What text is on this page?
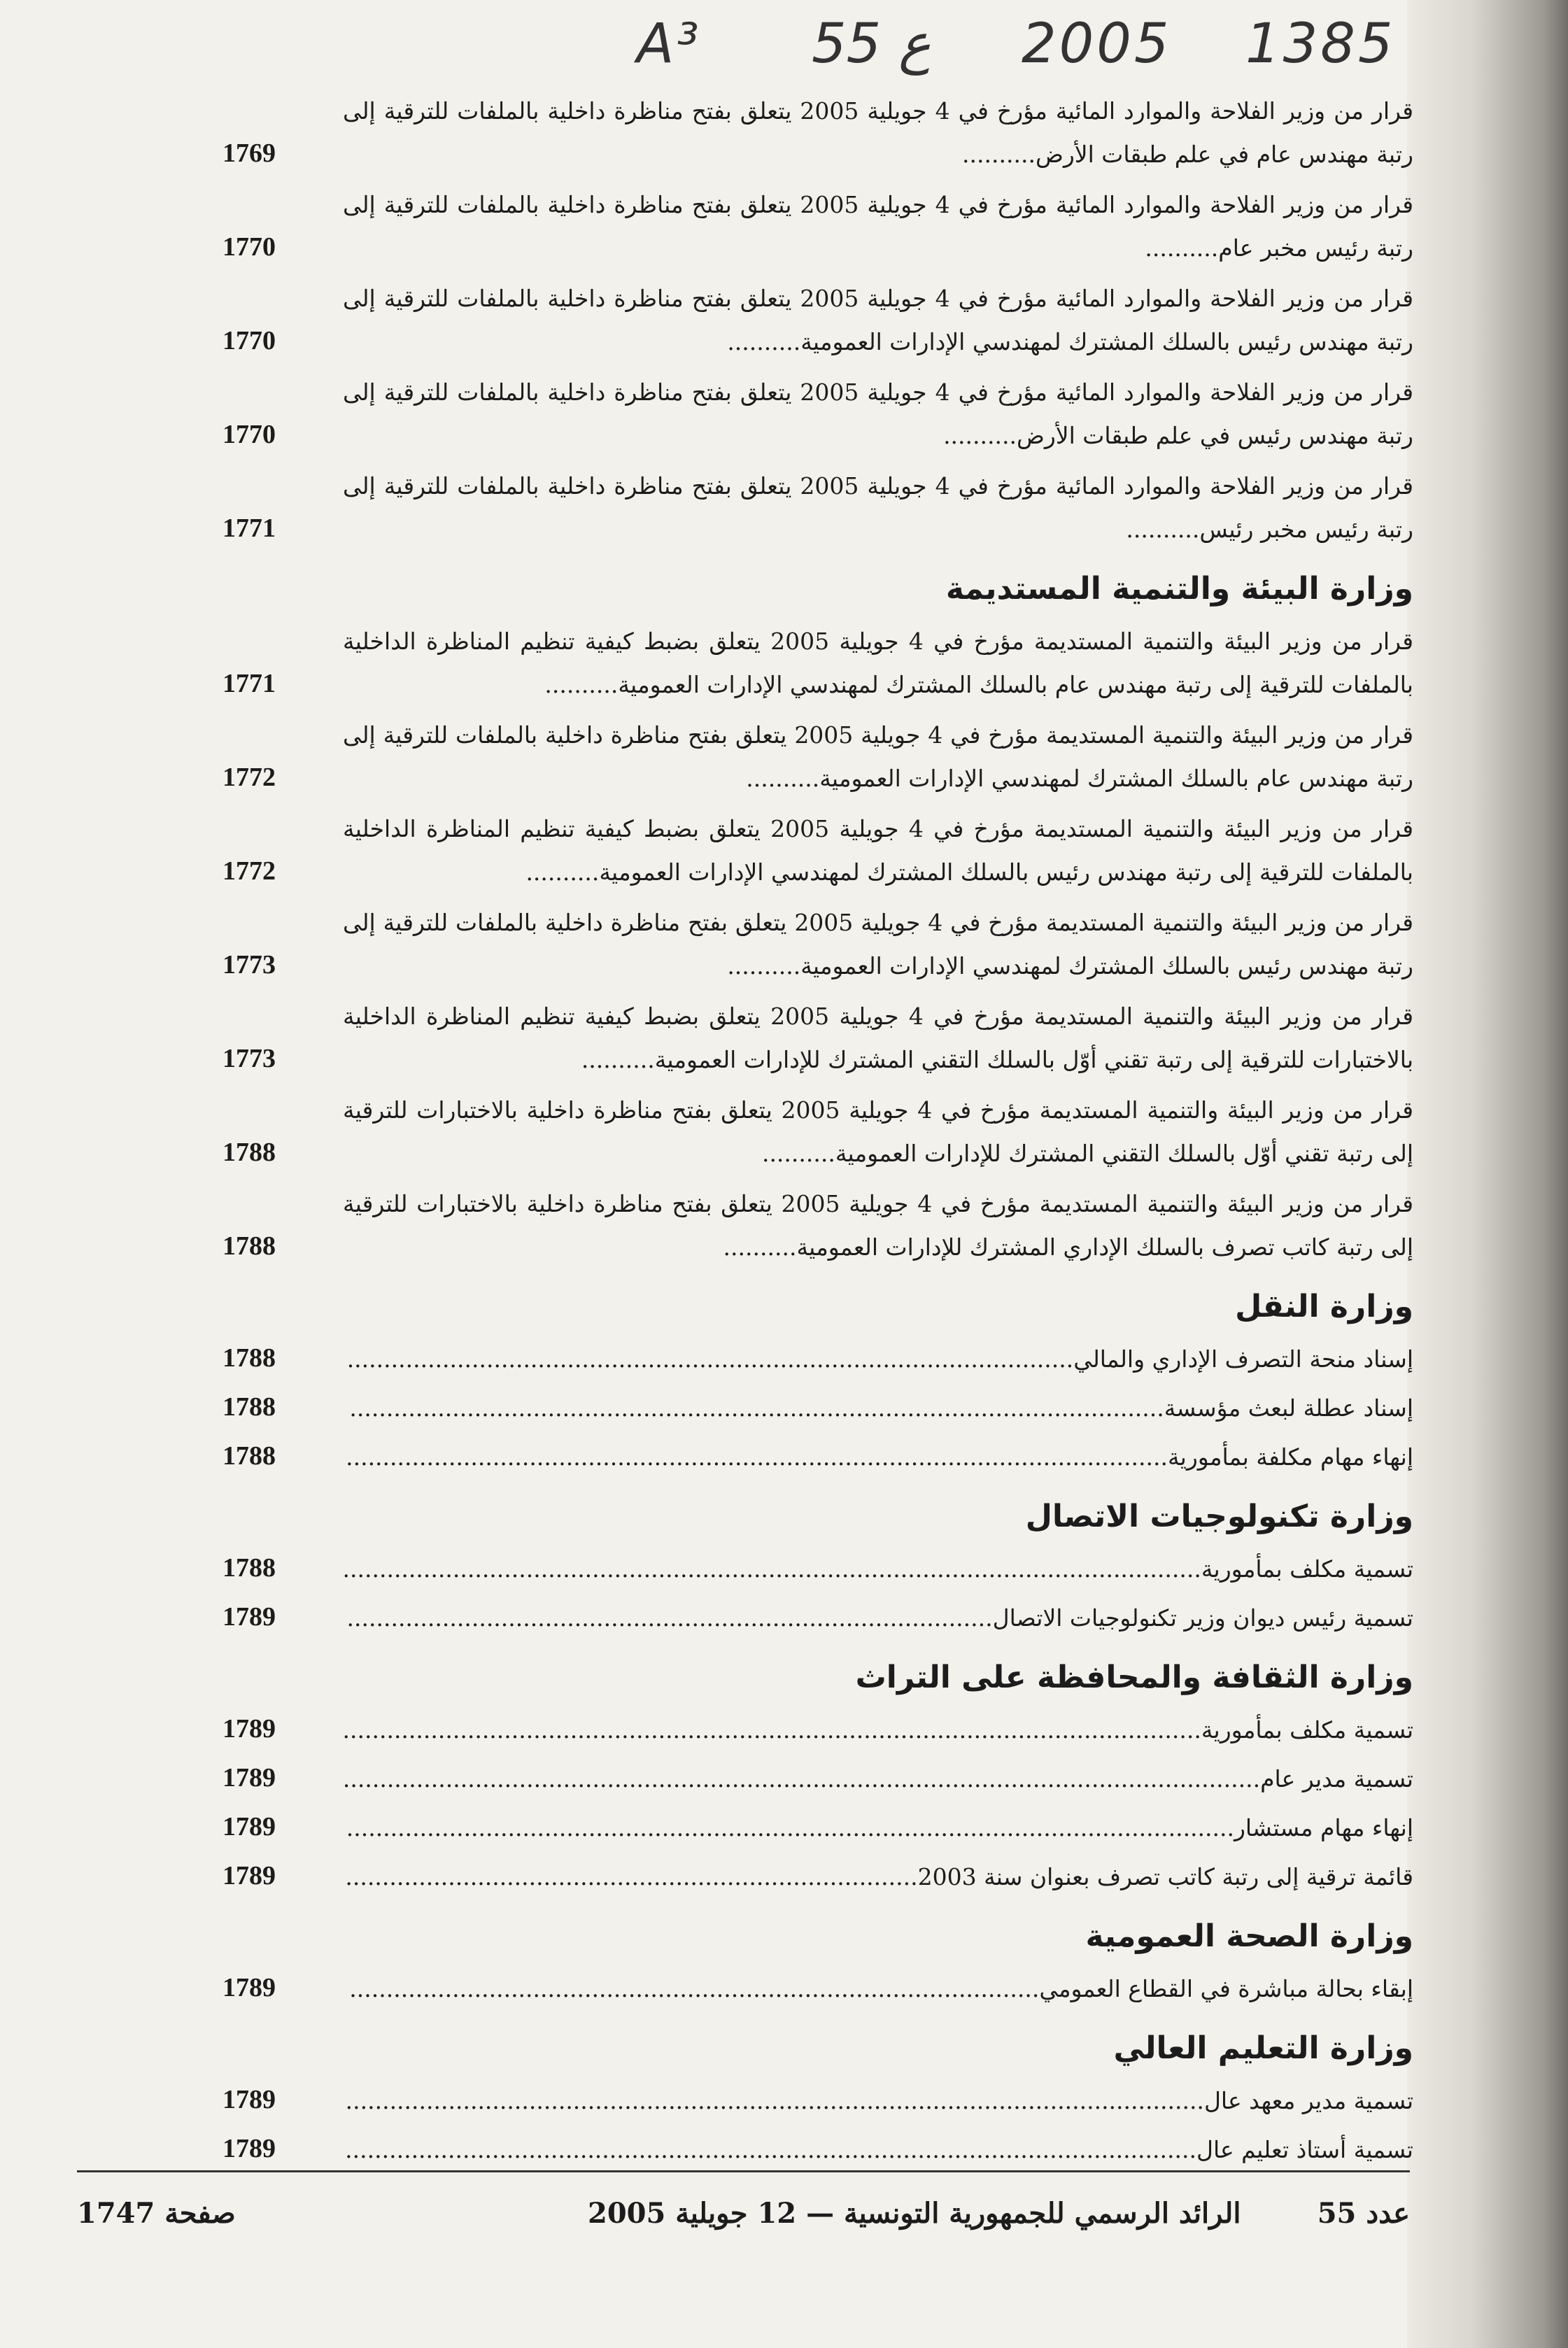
A³ 55 ع 2005 1385
قرار من وزير الفلاحة والموارد المائية مؤرخ في 4 جويلية 2005 يتعلق بفتح مناظرة داخلية بالملفات للترقية إلى رتبة مهندس عام في علم طبقات الأرض..........
1769
قرار من وزير الفلاحة والموارد المائية مؤرخ في 4 جويلية 2005 يتعلق بفتح مناظرة داخلية بالملفات للترقية إلى رتبة رئيس مخبر عام..........
1770
قرار من وزير الفلاحة والموارد المائية مؤرخ في 4 جويلية 2005 يتعلق بفتح مناظرة داخلية بالملفات للترقية إلى رتبة مهندس رئيس بالسلك المشترك لمهندسي الإدارات العمومية..........
1770
قرار من وزير الفلاحة والموارد المائية مؤرخ في 4 جويلية 2005 يتعلق بفتح مناظرة داخلية بالملفات للترقية إلى رتبة مهندس رئيس في علم طبقات الأرض..........
1770
قرار من وزير الفلاحة والموارد المائية مؤرخ في 4 جويلية 2005 يتعلق بفتح مناظرة داخلية بالملفات للترقية إلى رتبة رئيس مخبر رئيس..........
1771
وزارة البيئة والتنمية المستديمة
قرار من وزير البيئة والتنمية المستديمة مؤرخ في 4 جويلية 2005 يتعلق بضبط كيفية تنظيم المناظرة الداخلية بالملفات للترقية إلى رتبة مهندس عام بالسلك المشترك لمهندسي الإدارات العمومية..........
1771
قرار من وزير البيئة والتنمية المستديمة مؤرخ في 4 جويلية 2005 يتعلق بفتح مناظرة داخلية بالملفات للترقية إلى رتبة مهندس عام بالسلك المشترك لمهندسي الإدارات العمومية..........
1772
قرار من وزير البيئة والتنمية المستديمة مؤرخ في 4 جويلية 2005 يتعلق بضبط كيفية تنظيم المناظرة الداخلية بالملفات للترقية إلى رتبة مهندس رئيس بالسلك المشترك لمهندسي الإدارات العمومية..........
1772
قرار من وزير البيئة والتنمية المستديمة مؤرخ في 4 جويلية 2005 يتعلق بفتح مناظرة داخلية بالملفات للترقية إلى رتبة مهندس رئيس بالسلك المشترك لمهندسي الإدارات العمومية..........
1773
قرار من وزير البيئة والتنمية المستديمة مؤرخ في 4 جويلية 2005 يتعلق بضبط كيفية تنظيم المناظرة الداخلية بالاختبارات للترقية إلى رتبة تقني أوّل بالسلك التقني المشترك للإدارات العمومية..........
1773
قرار من وزير البيئة والتنمية المستديمة مؤرخ في 4 جويلية 2005 يتعلق بفتح مناظرة داخلية بالاختبارات للترقية إلى رتبة تقني أوّل بالسلك التقني المشترك للإدارات العمومية..........
1788
قرار من وزير البيئة والتنمية المستديمة مؤرخ في 4 جويلية 2005 يتعلق بفتح مناظرة داخلية بالاختبارات للترقية إلى رتبة كاتب تصرف بالسلك الإداري المشترك للإدارات العمومية..........
1788
وزارة النقل
إسناد منحة التصرف الإداري والمالي...................................................................................................
1788
إسناد عطلة لبعث مؤسسة...............................................................................................................
1788
إنهاء مهام مكلفة بمأمورية................................................................................................................
1788
وزارة تكنولوجيات الاتصال
تسمية مكلف بمأمورية.....................................................................................................................
1788
تسمية رئيس ديوان وزير تكنولوجيات الاتصال........................................................................................
1789
وزارة الثقافة والمحافظة على التراث
تسمية مكلف بمأمورية.....................................................................................................................
1789
تسمية مدير عام.............................................................................................................................
1789
إنهاء مهام مستشار.........................................................................................................................
1789
قائمة ترقية إلى رتبة كاتب تصرف بعنوان سنة 2003..............................................................................
1789
وزارة الصحة العمومية
إبقاء بحالة مباشرة في القطاع العمومي..............................................................................................
1789
وزارة التعليم العالي
تسمية مدير معهد عال.....................................................................................................................
1789
تسمية أستاذ تعليم عال....................................................................................................................
1789
عدد 55
الرائد الرسمي للجمهورية التونسية — 12 جويلية 2005
صفحة 1747
